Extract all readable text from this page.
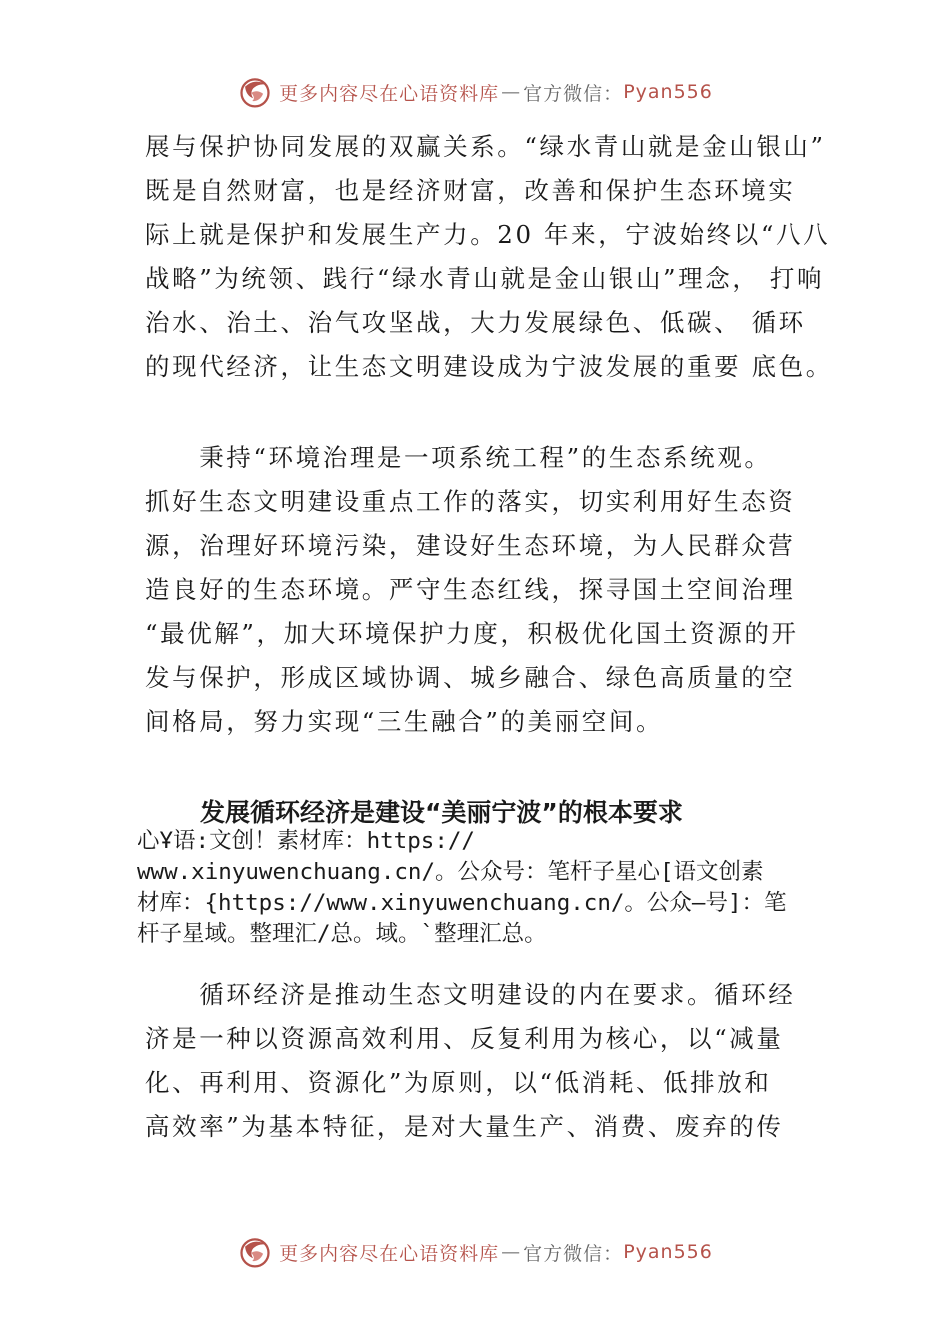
更多内容尽在心语资料库 — 官方微信： Pyan556
展与保护协同发展的双赢关系。“绿水青山就是金山银山”
既是自然财富，也是经济财富，改善和保护生态环境实
际上就是保护和发展生产力。20 年来，宁波始终以“八八
战略”为统领、践行“绿水青山就是金山银山”理念， 打响
治水、治土、治气攻坚战，大力发展绿色、低碳、 循环
的现代经济，让生态文明建设成为宁波发展的重要 底色。
　　秉持“环境治理是一项系统工程”的生态系统观。
抓好生态文明建设重点工作的落实，切实利用好生态资
源，治理好环境污染，建设好生态环境，为人民群众营
造良好的生态环境。严守生态红线，探寻国土空间治理
“最优解”，加大环境保护力度，积极优化国土资源的开
发与保护，形成区域协调、城乡融合、绿色高质量的空
间格局，努力实现“三生融合”的美丽空间。
发展循环经济是建设“美丽宁波”的根本要求
心Ұ语:文创！素材库：https://
www.xinyuwenchuang.cn/。公众号：笔杆子星心[语文创素
材库：{https://www.xinyuwenchuang.cn/。公众—号]：笔
杆子星域。整理汇/总。域。`整理汇总。
　　循环经济是推动生态文明建设的内在要求。循环经
济是一种以资源高效利用、反复利用为核心，以“减量
化、再利用、资源化”为原则，以“低消耗、低排放和
高效率”为基本特征，是对大量生产、消费、废弃的传
更多内容尽在心语资料库 — 官方微信： Pyan556
